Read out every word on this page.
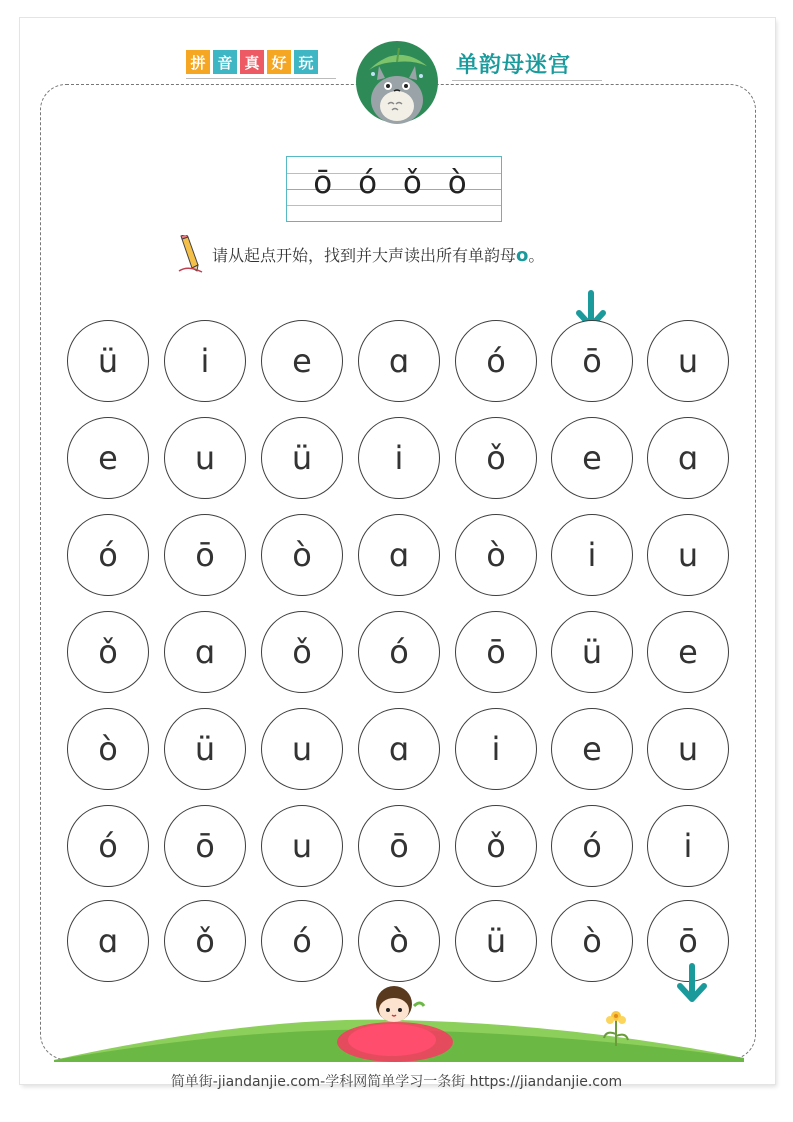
拼 音 真 好 玩	单韵母迷宫
ō ó ǒ ò
请从起点开始，找到并大声读出所有单韵母o。
ü	i	e	ɑ	ó	ō	u
e	u	ü	i	ǒ	e	ɑ
ó	ō	ò	ɑ	ò	i	u
ǒ	ɑ	ǒ	ó	ō	ü	e
ò	ü	u	ɑ	i	e	u
ó	ō	u	ō	ǒ	ó	i
ɑ	ǒ	ó	ò	ü	ò	ō
简单街-jiandanjie.com-学科网简单学习一条街 https://jiandanjie.com
